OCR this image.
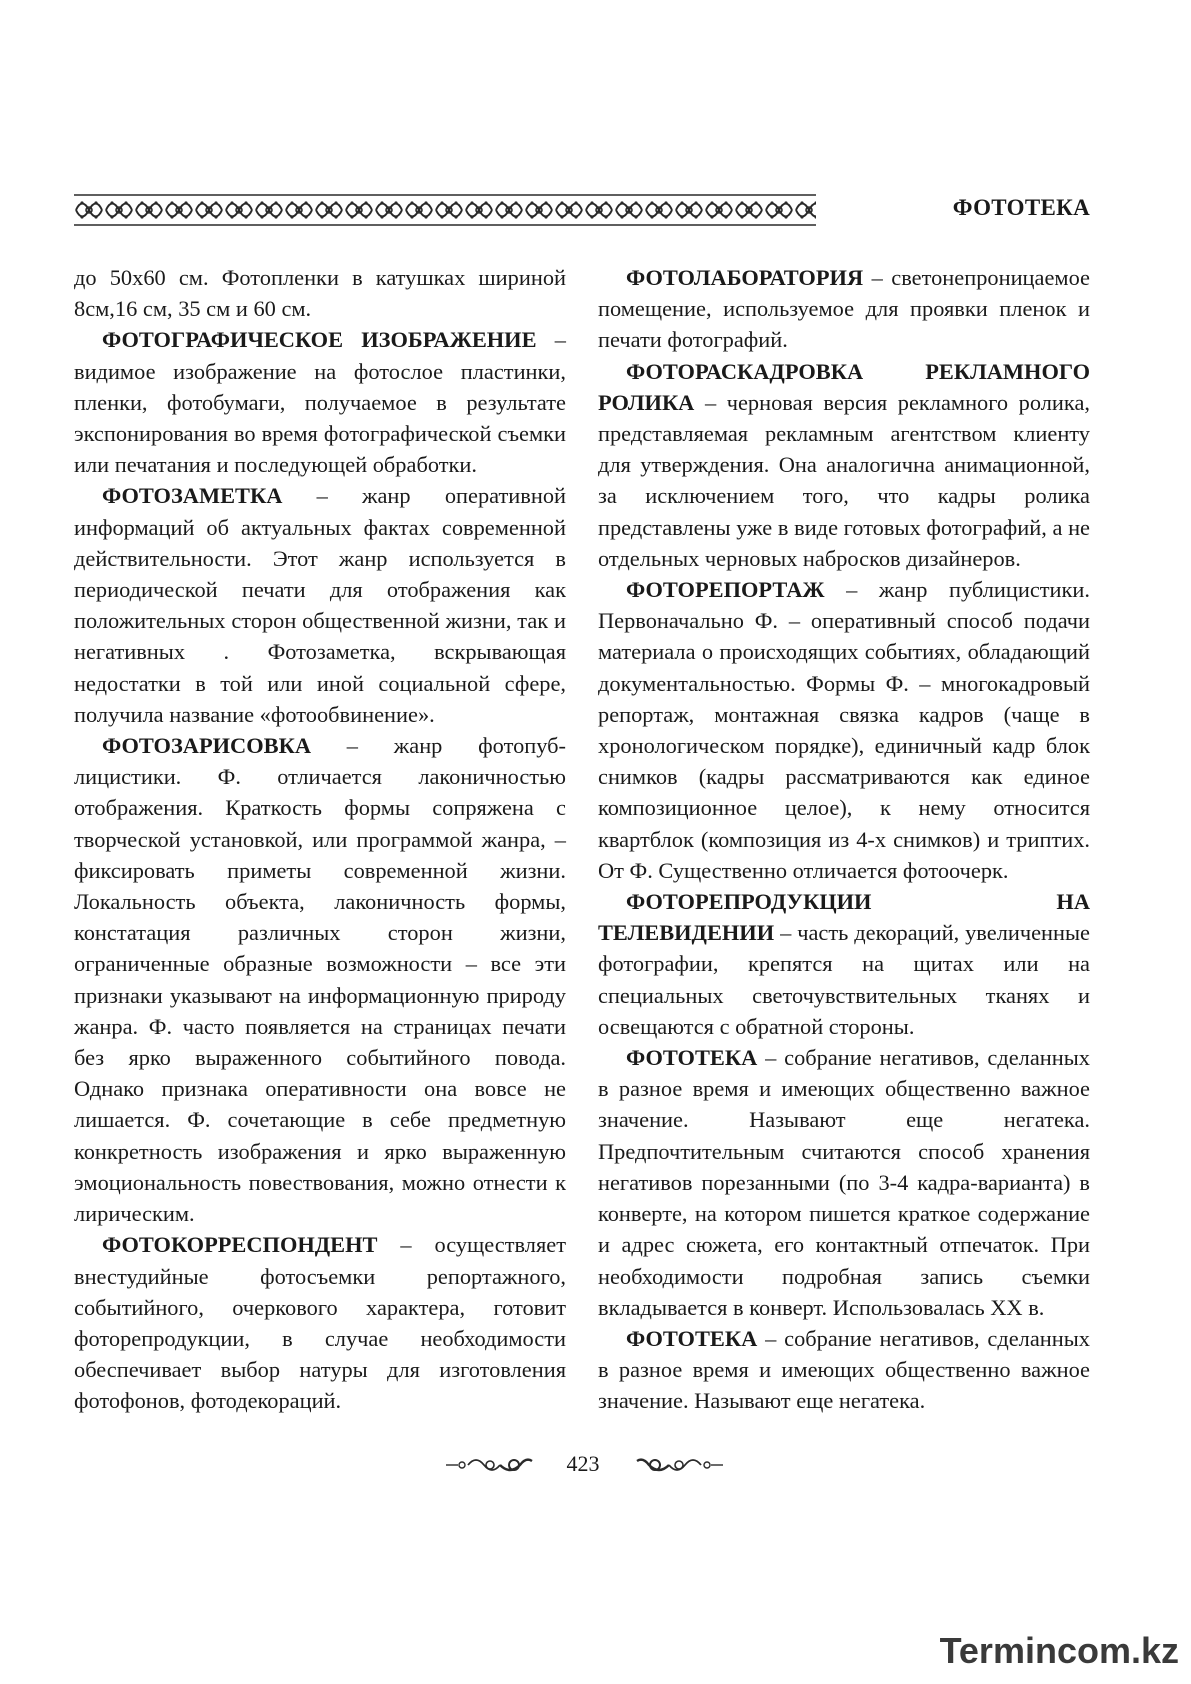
ФОТОТЕКА

до 50х60 см. Фотопленки в катушках шириной 8см,16 см, 35 см и 60 см.

ФОТОГРАФИЧЕСКОЕ ИЗОБРАЖЕНИЕ – видимое изображение на фотослое пластинки, пленки, фотобумаги, получаемое в результате экспонирования во время фотографической съемки или печатания и последующей обработки.

ФОТОЗАМЕТКА – жанр оперативной информаций об актуальных фактах современной действительности. Этот жанр используется в периодической печати для отображения как положительных сторон общественной жизни, так и негативных . Фотозаметка, вскрывающая недостатки в той или иной социальной сфере, получила название «фотообвинение».

ФОТОЗАРИСОВКА – жанр фотопуб-лицистики. Ф. отличается лаконичностью отображения. Краткость формы сопряжена с творческой установкой, или программой жанра, – фиксировать приметы современной жизни. Локальность объекта, лаконичность формы, констатация различных сторон жизни, ограниченные образные возможности – все эти признаки указывают на информационную природу жанра. Ф. часто появляется на страницах печати без ярко выраженного событийного повода. Однако признака оперативности она вовсе не лишается. Ф. сочетающие в себе предметную конкретность изображения и ярко выраженную эмоциональность повествования, можно отнести к лирическим.

ФОТОКОРРЕСПОНДЕНТ – осуществляет внестудийные фотосъемки репортажного, событийного, очеркового характера, готовит фоторепродукции, в случае необходимости обеспечивает выбор натуры для изготовления фотофонов, фотодекораций.

ФОТОЛАБОРАТОРИЯ – светонепроницаемое помещение, используемое для проявки пленок и печати фотографий.

ФОТОРАСКАДРОВКА РЕКЛАМНОГО РОЛИКА – черновая версия рекламного ролика, представляемая рекламным агентством клиенту для утверждения. Она аналогична анимационной, за исключением того, что кадры ролика представлены уже в виде готовых фотографий, а не отдельных черновых набросков дизайнеров.

ФОТОРЕПОРТАЖ – жанр публицистики. Первоначально Ф. – оперативный способ подачи материала о происходящих событиях, обладающий документальностью. Формы Ф. – многокадровый репортаж, монтажная связка кадров (чаще в хронологическом порядке), единичный кадр блок снимков (кадры рассматриваются как единое композиционное целое), к нему относится квартблок (композиция из 4-х снимков) и триптих. От Ф. Существенно отличается фотоочерк.

ФОТОРЕПРОДУКЦИИ НА ТЕЛЕВИДЕНИИ – часть декораций, увеличенные фотографии, крепятся на щитах или на специальных светочувствительных тканях и освещаются с обратной стороны.

ФОТОТЕКА – собрание негативов, сделанных в разное время и имеющих общественно важное значение. Называют еще негатека. Предпочтительным считаются способ хранения негативов порезанными (по 3-4 кадра-варианта) в конверте, на котором пишется краткое содержание и адрес сюжета, его контактный отпечаток. При необходимости подробная запись съемки вкладывается в конверт. Использовалась ХХ в.

ФОТОТЕКА – собрание негативов, сделанных в разное время и имеющих общественно важное значение. Называют еще негатека.

423
Termincom.kz
